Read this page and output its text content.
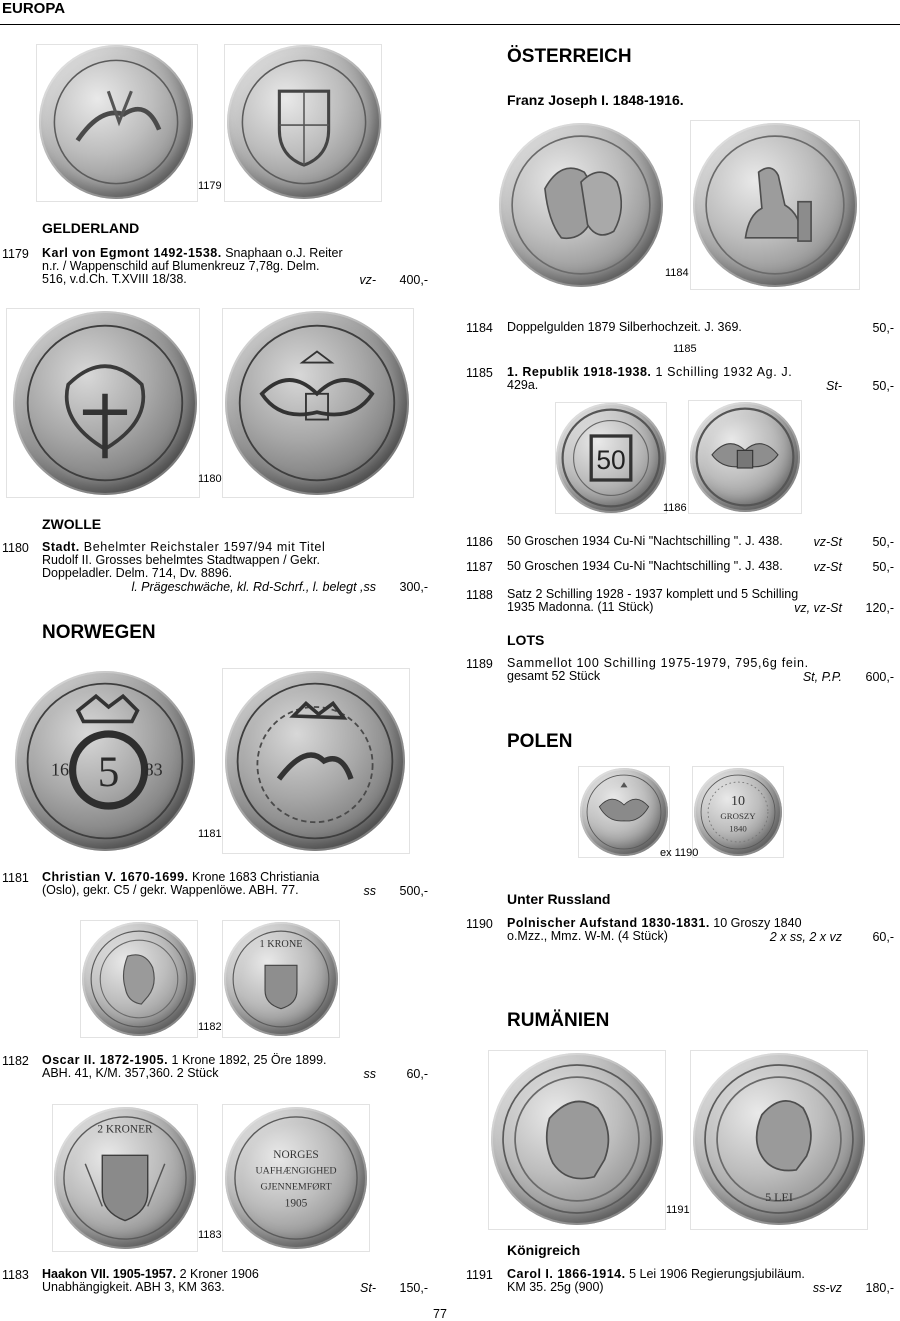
EUROPA
1179
GELDERLAND
1179 Karl von Egmont 1492-1538. Snaphaan o.J. Reiter
n.r. / Wappenschild auf Blumenkreuz 7,78g. Delm.
516, v.d.Ch. T.XVIII 18/38.	vz-	400,-
1180
ZWOLLE
1180 Stadt. Behelmter Reichstaler 1597/94 mit Titel
Rudolf II. Grosses behelmtes Stadtwappen / Gekr.
Doppeladler. Delm. 714, Dv. 8896.
l. Prägeschwäche, kl. Rd-Schrf., l. belegt ,ss	300,-
NORWEGEN
5
16	83
1181
1181 Christian V. 1670-1699. Krone 1683 Christiania
(Oslo), gekr. C5 / gekr. Wappenlöwe. ABH. 77.	ss	500,-
1 KRONE
1182
1182 Oscar II. 1872-1905. 1 Krone 1892, 25 Öre 1899.
ABH. 41, K/M. 357,360. 2 Stück	ss	60,-
2 KRONER
NORGES
UAFHÆNGIGHED
GJENNEMFØRT
1905
1183
1183 Haakon VII. 1905-1957. 2 Kroner 1906
Unabhängigkeit. ABH 3, KM 363.	St-	150,-
ÖSTERREICH
Franz Joseph I. 1848-1916.
1184
1184 Doppelgulden 1879 Silberhochzeit. J. 369.	50,-
1185
1185 1. Republik 1918-1938. 1 Schilling 1932 Ag. J.
429a.	St-	50,-
50
1186
1186 50 Groschen 1934 Cu-Ni "Nachtschilling ". J. 438.	vz-St	50,-
1187 50 Groschen 1934 Cu-Ni "Nachtschilling ". J. 438.	vz-St	50,-
1188 Satz 2 Schilling 1928 - 1937 komplett und 5 Schilling
1935 Madonna. (11 Stück)	vz, vz-St	120,-
LOTS
1189 Sammellot 100 Schilling 1975-1979, 795,6g fein.
gesamt 52 Stück	St, P.P.	600,-
POLEN
10
GROSZY
1840
ex 1190
Unter Russland
1190 Polnischer Aufstand 1830-1831. 10 Groszy 1840
o.Mzz., Mmz. W-M. (4 Stück)	2 x ss, 2 x vz	60,-
RUMÄNIEN
5 LEI
1191
Königreich
1191 Carol I. 1866-1914. 5 Lei 1906 Regierungsjubiläum.
KM 35. 25g (900)	ss-vz	180,-
77
